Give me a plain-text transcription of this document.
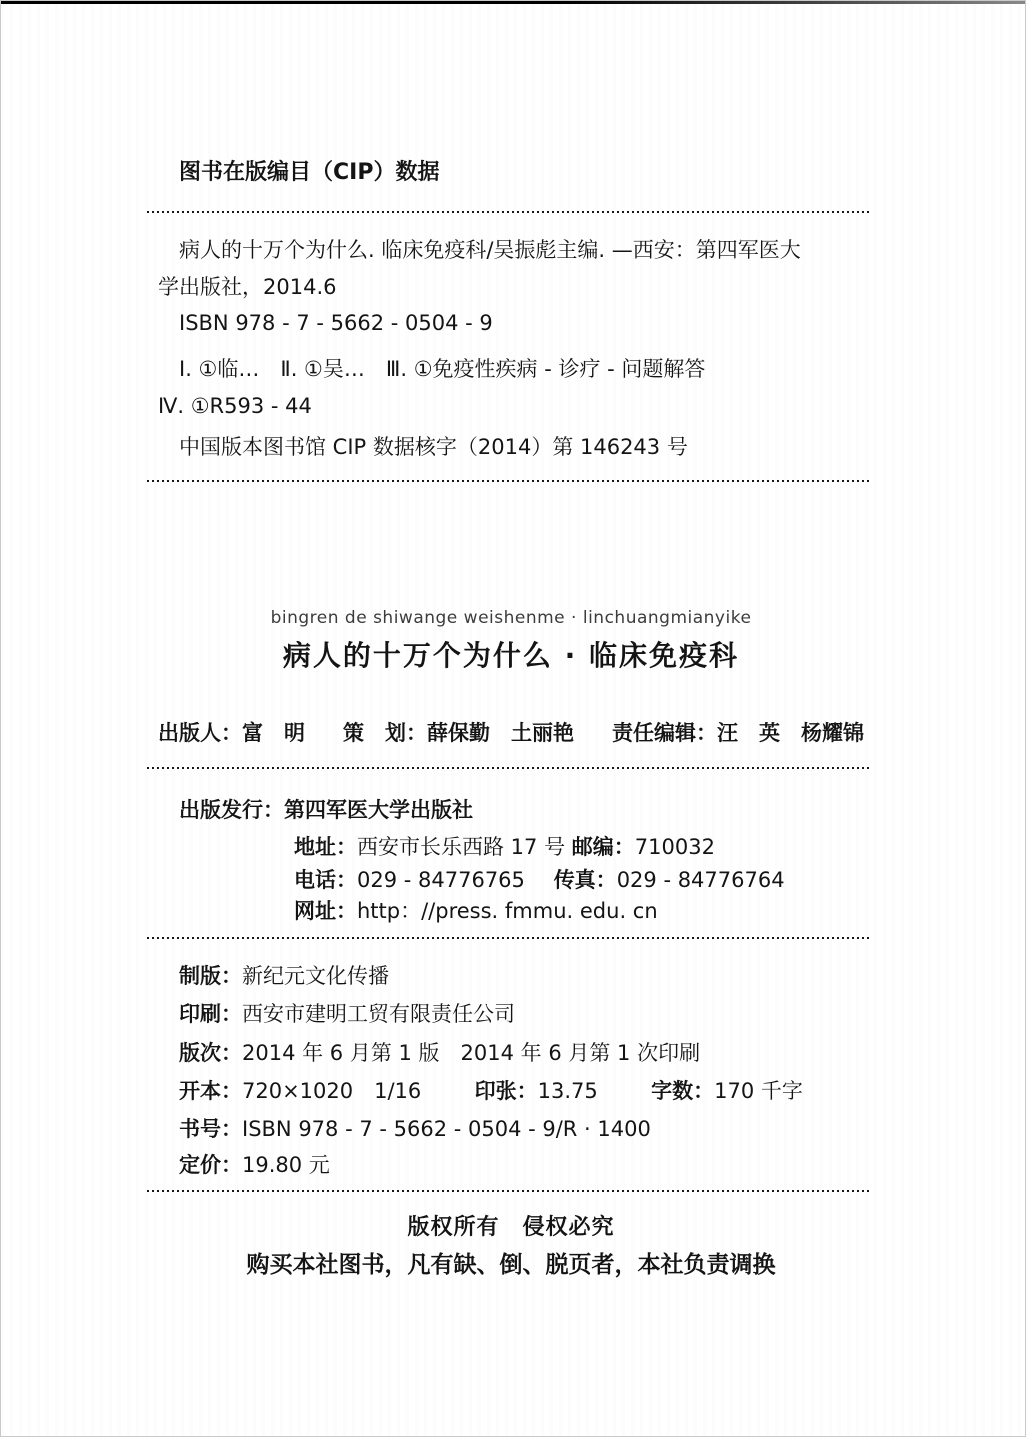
图书在版编目（CIP）数据
病人的十万个为什么. 临床免疫科/吴振彪主编. —西安：第四军医大
学出版社，2014.6
ISBN 978 - 7 - 5662 - 0504 - 9
Ⅰ. ①临…　Ⅱ. ①吴…　Ⅲ. ①免疫性疾病 - 诊疗 - 问题解答
Ⅳ. ①R593 - 44
中国版本图书馆 CIP 数据核字（2014）第 146243 号
bingren de shiwange weishenme · linchuangmianyike
病人的十万个为什么 · 临床免疫科
出版人：富　明 策　划：薛保勤　土丽艳 责任编辑：汪　英　杨耀锦
出版发行：第四军医大学出版社
地址：西安市长乐西路 17 号 邮编：710032
电话：029 - 84776765 传真：029 - 84776764
网址：http：//press. fmmu. edu. cn
制版：新纪元文化传播
印刷：西安市建明工贸有限责任公司
版次：2014 年 6 月第 1 版　2014 年 6 月第 1 次印刷
开本：720×1020　1/16	印张：13.75	字数：170 千字
书号：ISBN 978 - 7 - 5662 - 0504 - 9/R · 1400
定价：19.80 元
版权所有　侵权必究
购买本社图书，凡有缺、倒、脱页者，本社负责调换
